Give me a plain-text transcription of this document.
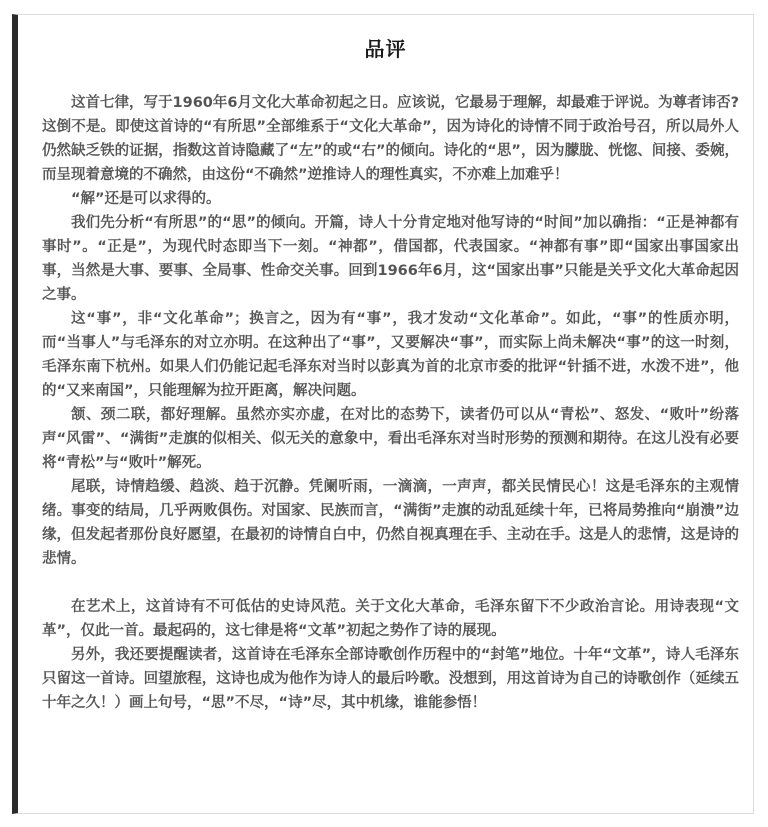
品评

这首七律，写于1960年6月文化大革命初起之日。应该说，它最易于理解，却最难于评说。为尊者讳否?这倒不是。即使这首诗的“有所思”全部维系于“文化大革命”，因为诗化的诗情不同于政治号召，所以局外人仍然缺乏铁的证据，指数这首诗隐藏了“左”的或“右”的倾向。诗化的“思”，因为朦胧、恍惚、间接、委婉，而呈现着意境的不确然，由这份“不确然”逆推诗人的理性真实，不亦难上加难乎！

“解”还是可以求得的。

我们先分析“有所思”的“思”的倾向。开篇，诗人十分肯定地对他写诗的“时间”加以确指：“正是神都有事时”。“正是”，为现代时态即当下一刻。“神都”，借国都，代表国家。“神都有事”即“国家出事国家出事，当然是大事、要事、全局事、性命交关事。回到1966年6月，这“国家出事”只能是关乎文化大革命起因之事。

这“事”，非“文化革命”；换言之，因为有“事”，我才发动“文化革命”。如此，“事”的性质亦明，而“当事人”与毛泽东的对立亦明。在这种出了“事”，又要解决“事”，而实际上尚未解决“事”的这一时刻，毛泽东南下杭州。如果人们仍能记起毛泽东对当时以彭真为首的北京市委的批评“针插不进，水泼不进”，他的“又来南国”，只能理解为拉开距离，解决问题。

颔、颈二联，都好理解。虽然亦实亦虚，在对比的态势下，读者仍可以从“青松”、怒发、“败叶”纷落声“风雷”、“满街”走旗的似相关、似无关的意象中，看出毛泽东对当时形势的预测和期待。在这儿没有必要将“青松”与“败叶”解死。

尾联，诗情趋缓、趋淡、趋于沉静。凭阑听雨，一滴滴，一声声，都关民情民心！这是毛泽东的主观情绪。事变的结局，几乎两败俱伤。对国家、民族而言，“满街”走旗的动乱延续十年，已将局势推向“崩溃”边缘，但发起者那份良好愿望，在最初的诗情自白中，仍然自视真理在手、主动在手。这是人的悲情，这是诗的悲情。

在艺术上，这首诗有不可低估的史诗风范。关于文化大革命，毛泽东留下不少政治言论。用诗表现“文革”，仅此一首。最起码的，这七律是将“文革”初起之势作了诗的展现。

另外，我还要提醒读者，这首诗在毛泽东全部诗歌创作历程中的“封笔”地位。十年“文革”，诗人毛泽东只留这一首诗。回望旅程，这诗也成为他作为诗人的最后吟歌。没想到，用这首诗为自己的诗歌创作（延续五十年之久！）画上句号，“思”不尽，“诗”尽，其中机缘，谁能参悟！
